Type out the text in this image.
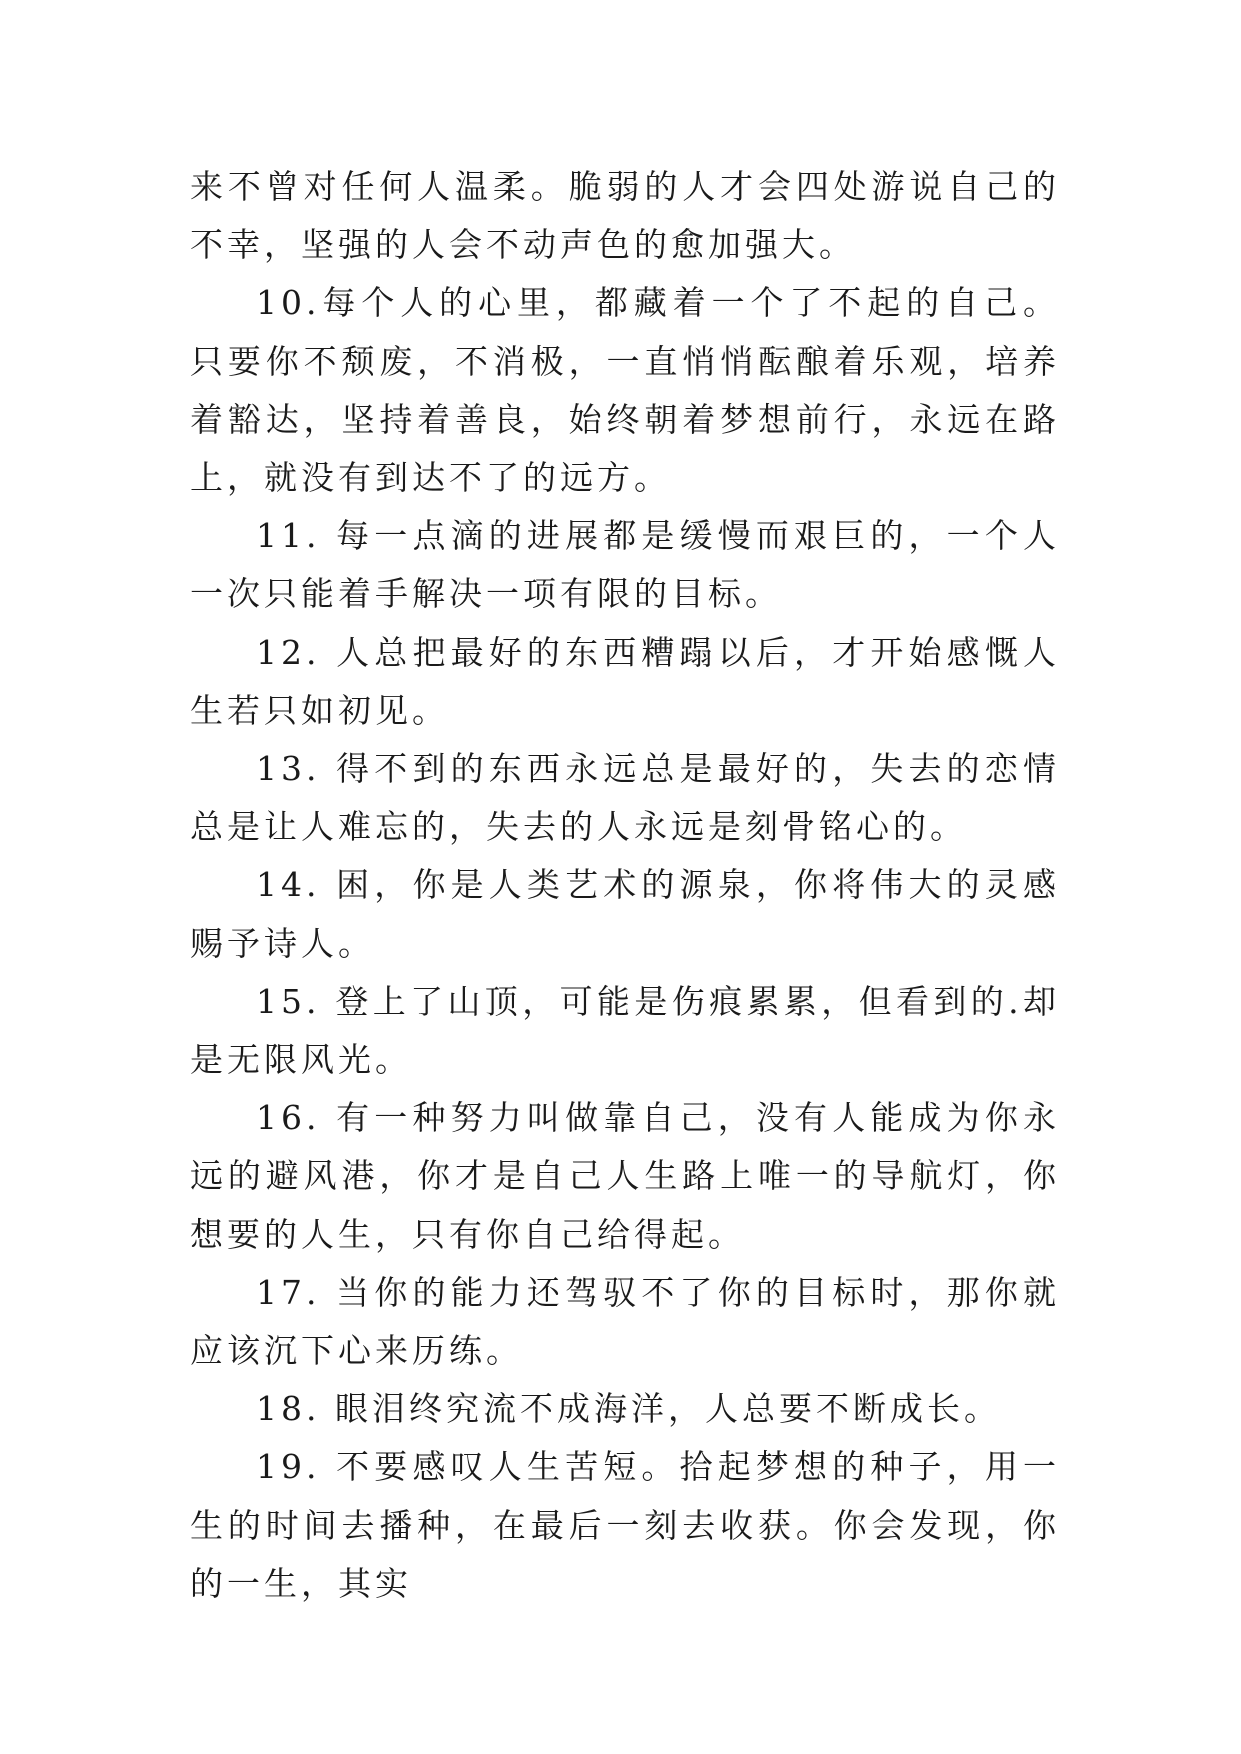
来不曾对任何人温柔。脆弱的人才会四处游说自己的不幸，坚强的人会不动声色的愈加强大。

10.每个人的心里，都藏着一个了不起的自己。只要你不颓废，不消极，一直悄悄酝酿着乐观，培养着豁达，坚持着善良，始终朝着梦想前行，永远在路上，就没有到达不了的远方。

11. 每一点滴的进展都是缓慢而艰巨的，一个人一次只能着手解决一项有限的目标。

12. 人总把最好的东西糟蹋以后，才开始感慨人生若只如初见。

13. 得不到的东西永远总是最好的，失去的恋情总是让人难忘的，失去的人永远是刻骨铭心的。

14. 困，你是人类艺术的源泉，你将伟大的灵感赐予诗人。

15. 登上了山顶，可能是伤痕累累，但看到的.却是无限风光。

16. 有一种努力叫做靠自己，没有人能成为你永远的避风港，你才是自己人生路上唯一的导航灯，你想要的人生，只有你自己给得起。

17. 当你的能力还驾驭不了你的目标时，那你就应该沉下心来历练。

18. 眼泪终究流不成海洋，人总要不断成长。

19. 不要感叹人生苦短。拾起梦想的种子，用一生的时间去播种，在最后一刻去收获。你会发现，你的一生，其实
